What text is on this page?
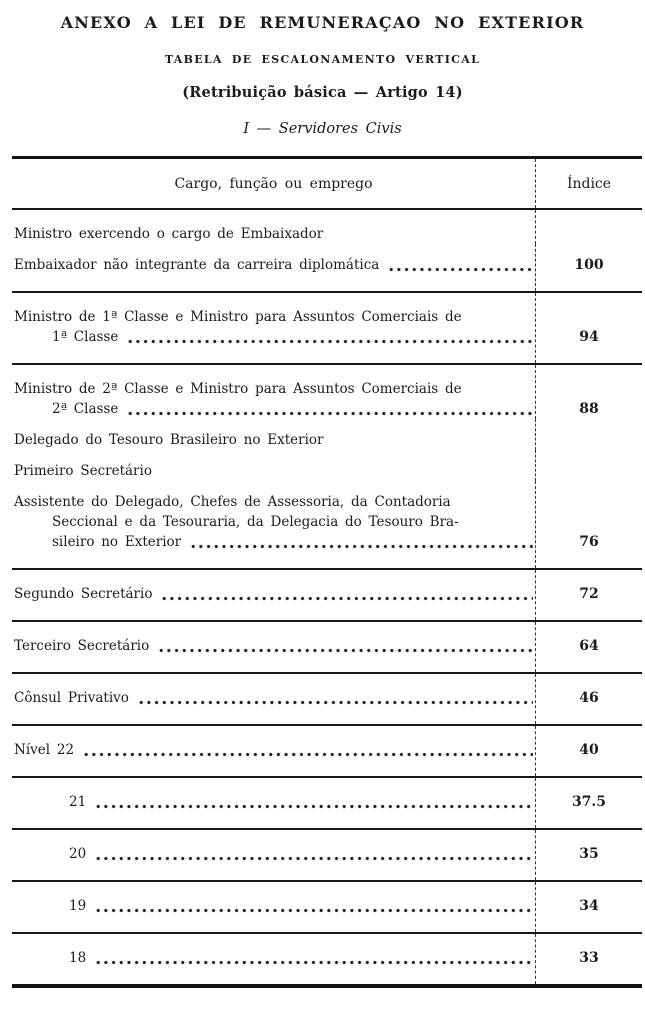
ANEXO A LEI DE REMUNERAÇAO NO EXTERIOR
TABELA DE ESCALONAMENTO VERTICAL
(Retribuição básica — Artigo 14)
I — Servidores Civis
Cargo, função ou emprego	Índice
Ministro exercendo o cargo de Embaixador
Embaixador não integrante da carreira diplomática	100
Ministro de 1ª Classe e Ministro para Assuntos Comerciais de
1ª Classe	94
Ministro de 2ª Classe e Ministro para Assuntos Comerciais de
2ª Classe	88
Delegado do Tesouro Brasileiro no Exterior
Primeiro Secretário
Assistente do Delegado, Chefes de Assessoria, da Contadoria
Seccional e da Tesouraria, da Delegacia do Tesouro Bra-
sileiro no Exterior	76
Segundo Secretário	72
Terceiro Secretário	64
Cônsul Privativo	46
Nível 22	40
21	37.5
20	35
19	34
18	33
